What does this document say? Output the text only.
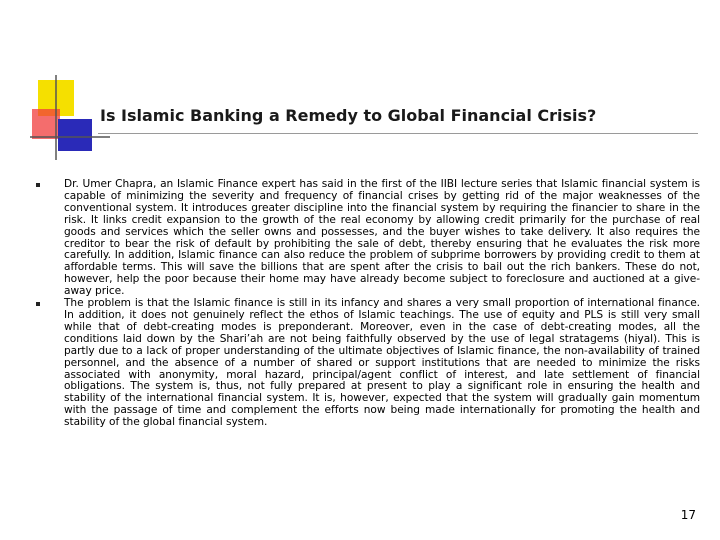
Is Islamic Banking a Remedy to Global Financial Crisis?
Dr. Umer Chapra, an Islamic Finance expert has said in the first of the IIBI lecture series that Islamic financial system is capable of minimizing the severity and frequency of financial crises by getting rid of the major weaknesses of the conventional system. It introduces greater discipline into the financial system by requiring the financier to share in the risk. It links credit expansion to the growth of the real economy by allowing credit primarily for the purchase of real goods and services which the seller owns and possesses, and the buyer wishes to take delivery. It also requires the creditor to bear the risk of default by prohibiting the sale of debt, thereby ensuring that he evaluates the risk more carefully. In addition, Islamic finance can also reduce the problem of subprime borrowers by providing credit to them at affordable terms. This will save the billions that are spent after the crisis to bail out the rich bankers. These do not, however, help the poor because their home may have already become subject to foreclosure and auctioned at a give-away price.
The problem is that the Islamic finance is still in its infancy and shares a very small proportion of international finance. In addition, it does not genuinely reflect the ethos of Islamic teachings. The use of equity and PLS is still very small while that of debt-creating modes is preponderant. Moreover, even in the case of debt-creating modes, all the conditions laid down by the Shari’ah are not being faithfully observed by the use of legal stratagems (hiyal). This is partly due to a lack of proper understanding of the ultimate objectives of Islamic finance, the non-availability of trained personnel, and the absence of a number of shared or support institutions that are needed to minimize the risks associated with anonymity, moral hazard, principal/agent conflict of interest, and late settlement of financial obligations. The system is, thus, not fully prepared at present to play a significant role in ensuring the health and stability of the international financial system. It is, however, expected that the system will gradually gain momentum with the passage of time and complement the efforts now being made internationally for promoting the health and stability of the global financial system.
17
